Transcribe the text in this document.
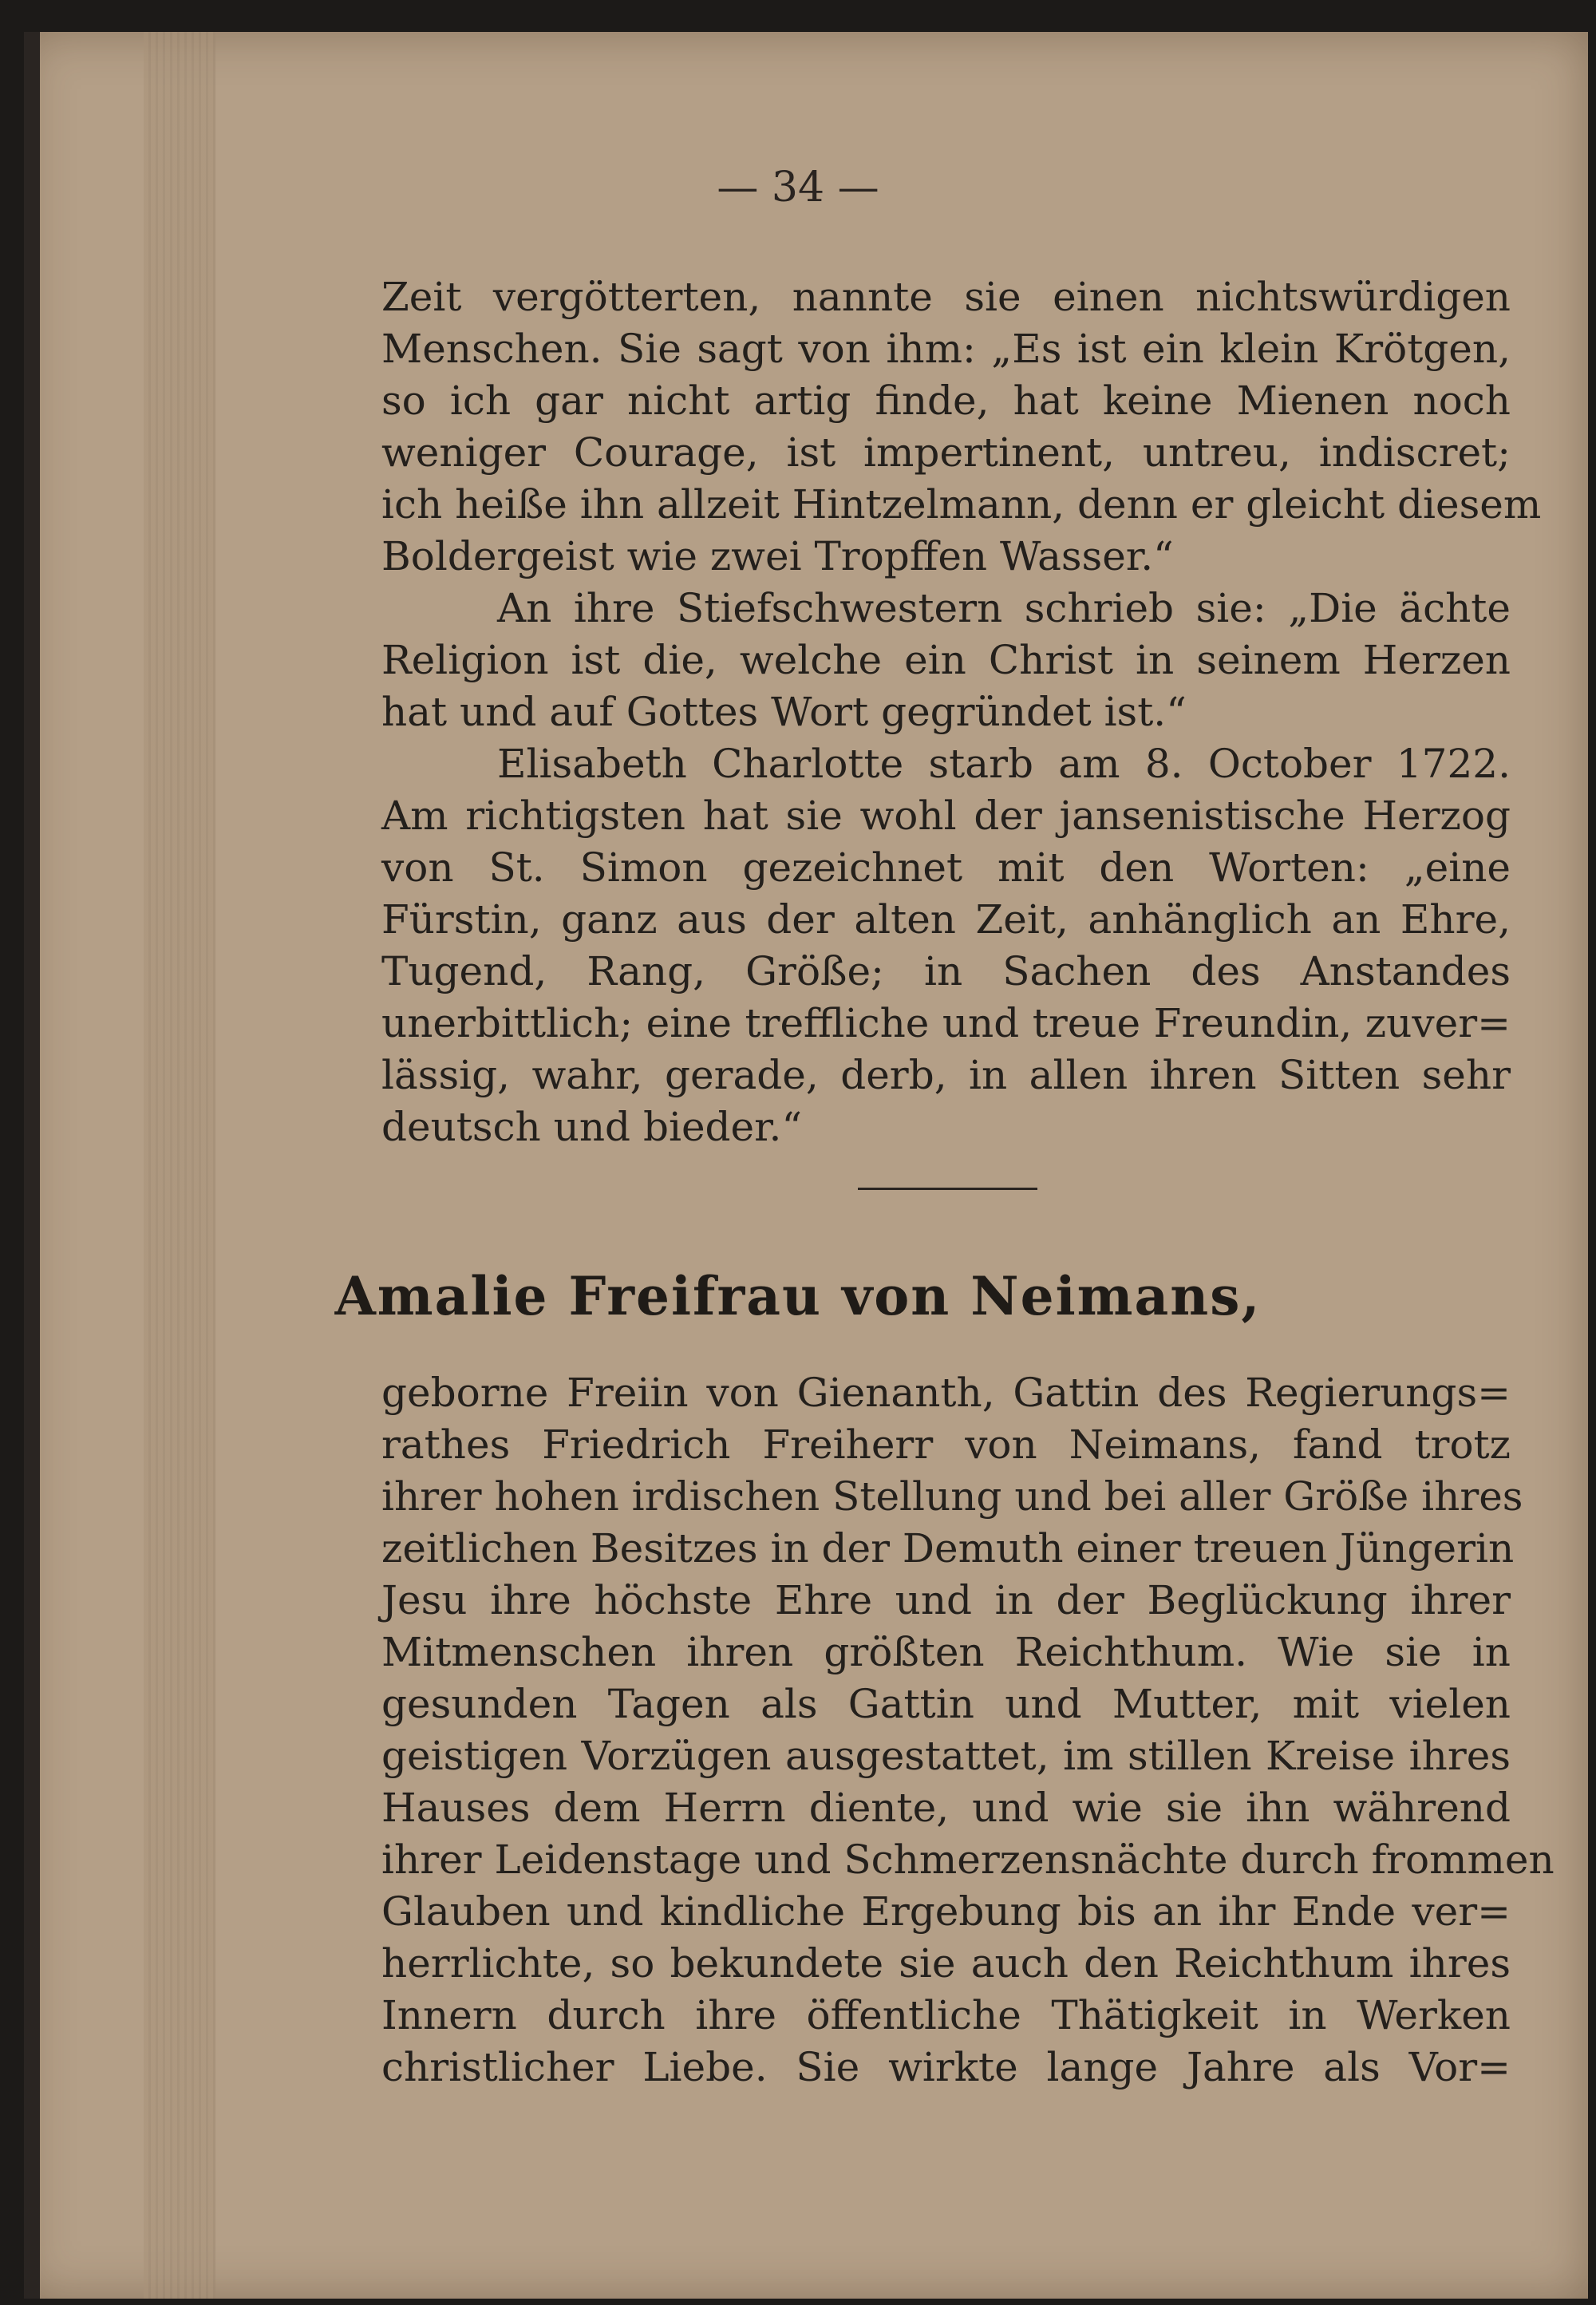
— 34 —
Zeit vergötterten, nannte sie einen nichtswürdigen
Menschen. Sie sagt von ihm: „Es ist ein klein Krötgen,
so ich gar nicht artig finde, hat keine Mienen noch
weniger Courage, ist impertinent, untreu, indiscret;
ich heiße ihn allzeit Hintzelmann, denn er gleicht diesem
Boldergeist wie zwei Tropffen Wasser.“
An ihre Stiefschwestern schrieb sie: „Die ächte
Religion ist die, welche ein Christ in seinem Herzen
hat und auf Gottes Wort gegründet ist.“
Elisabeth Charlotte starb am 8. October 1722.
Am richtigsten hat sie wohl der jansenistische Herzog
von St. Simon gezeichnet mit den Worten: „eine
Fürstin, ganz aus der alten Zeit, anhänglich an Ehre,
Tugend, Rang, Größe; in Sachen des Anstandes
unerbittlich; eine treffliche und treue Freundin, zuver=
lässig, wahr, gerade, derb, in allen ihren Sitten sehr
deutsch und bieder.“
Amalie Freifrau von Neimans,
geborne Freiin von Gienanth, Gattin des Regierungs=
rathes Friedrich Freiherr von Neimans, fand trotz
ihrer hohen irdischen Stellung und bei aller Größe ihres
zeitlichen Besitzes in der Demuth einer treuen Jüngerin
Jesu ihre höchste Ehre und in der Beglückung ihrer
Mitmenschen ihren größten Reichthum. Wie sie in
gesunden Tagen als Gattin und Mutter, mit vielen
geistigen Vorzügen ausgestattet, im stillen Kreise ihres
Hauses dem Herrn diente, und wie sie ihn während
ihrer Leidenstage und Schmerzensnächte durch frommen
Glauben und kindliche Ergebung bis an ihr Ende ver=
herrlichte, so bekundete sie auch den Reichthum ihres
Innern durch ihre öffentliche Thätigkeit in Werken
christlicher Liebe. Sie wirkte lange Jahre als Vor=
